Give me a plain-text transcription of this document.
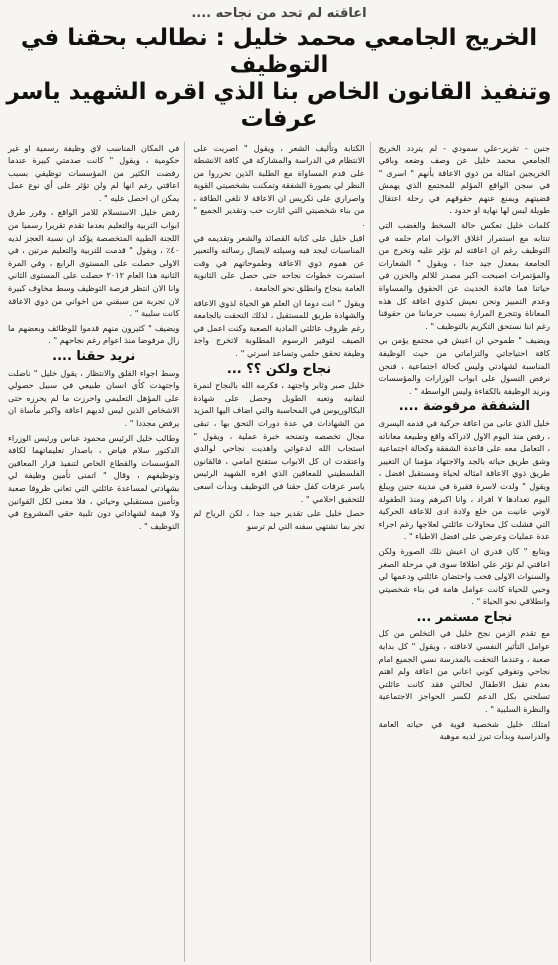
اعاقته لم تحد من نجاحه ....
الخريج الجامعي محمد خليل : نطالب بحقنا في التوظيف
وتنفيذ القانون الخاص بنا الذي اقره الشهيد ياسر عرفات

جنين - تقرير-علي سمودي - لم يتردد الخريج الجامعي محمد خليل عن وصف وضعه وباقي الخريجين امثاله من ذوي الاعاقة بأنهم " اسرى " في سجن الواقع المؤلم للمجتمع الذي يهمش قضيتهم ويمنع عنهم حقوقهم في رحلة اعتقال طويلة ليس لها نهاية او حدود .

كلمات خليل تعكس حالة السخط والغضب التي تنتابه مع استمرار اغلاق الابواب امام حلمه في التوظيف رغم ان اعاقته لم تؤثر عليه وتخرج من الجامعة بمعدل جيد جدا ، ويقول " الشعارات والمؤتمرات اصبحت اكبر مصدر للالم والحزن في حياتنا فما فائدة الحديث عن الحقوق والمساواة وعدم التمييز ونحن نعيش كذوي اعاقة كل هذه المعاناة وتتجرع المرارة بسبب حرماننا من حقوقنا رغم اننا نستحق التكريم بالتوظيف " .

ويضيف " طموحي ان اعيش في مجتمع يؤمن بي كافة احتياجاتي والتزاماتي من حيث الوظيفة المناسبة لشهادتي وليس كحالة اجتماعية ، فنحن نرفض التسول على ابواب الوزارات والمؤسسات ونريد الوظيفة بالكفاءة وليس الواسطة " .

الشفقة مرفوضة ....

خليل الذي عانى من اعاقة حركية في قدمه اليسرى ، رفض منذ اليوم الاول لادراكه واقع وطبيعة معاناته ، التعامل معه على قاعدة الشفقة وكحالة اجتماعية وشق طريق حياته بالجد والاجتهاد مؤمنا ان التغيير طريق ذوي الاعاقة امثاله لحياة ومستقبل افضل ، ويقول " ولدت لاسرة فقيرة في مدينة جنين ويبلغ اليوم تعدادها ٧ افراد ، وانا اكبرهم ومنذ الطفولة لاوني عانيت من خلع ولادة ادى للاعاقة الحركية التي فشلت كل محاولات عائلتي لعلاجها رغم اجراء عدة عمليات وعرضي على افضل الاطباء " .

ويتابع " كان قدري ان اعيش تلك الصورة ولكن اعاقتي لم تؤثر علي اطلاقا سوى في مرحلة الصغر والسنوات الاولى فحب واحتضان عائلتي ودعمها لي وحبي للحياة كانت عوامل هامة في بناء شخصيتي وانطلاقي نحو الحياة " .

نجاح مستمر ...

مع تقدم الزمن نجح خليل في التخلص من كل عوامل التأثير النفسي لاعاقته ، ويقول " كل بداية صعبة ، وعندما التحقت بالمدرسة نسي الجميع امام نجاحي وتفوقي كوني اعاني من اعاقة ولم اهتم بعدم تقبل الاطفال لحالتي فقد كانت عائلتي تسلحني بكل الدعم لكسر الحواجز الاجتماعية والنظرة السلبية " .

امتلك خليل شخصية قوية في حياته العامة والدراسية وبدأت تبرز لديه موهبة

الكتابة وتأليف الشعر ، ويقول " اصريت على الانتظام في الدراسة والمشاركة في كافة الانشطة على قدم المساواة مع الطلبة الذين تحرروا من النظر لي بصورة الشفقة وتمكنت بشخصيتي القوية واصراري على تكريس ان الاعاقة لا تلغي الطاقة ، من بناء شخصيتي التي اثارت حب وتقدير الجميع " .

اقبل خليل على كتابة القصائد والشعر وتقديمه في المناسبات ليجد فيه وسيلته لايصال رسالته والتعبير عن هموم ذوي الاعاقة وطموحاتهم في وقت استمرت خطوات نجاحه حتى حصل على الثانوية العامة بنجاح وانطلق نحو الجامعة .

ويقول " انت دوما ان العلم هو الحياة لذوي الاعاقة والشهادة طريق للمستقبل ، لذلك التحقت بالجامعة رغم ظروف عائلتي المادية الصعبة وكنت اعمل في الصيف لتوفير الرسوم المطلوبة لاتخرج واجد وظيفة تحقق حلمي وتساعد اسرتي " .

نجاح ولكن ؟؟ ...

خليل صبر وثابر واجتهد ، فكرمه الله بالنجاح لنمرة لتفانيه وتعبه الطويل وحصل على شهادة البكالوريوس في المحاسبة والتي اضاف اليها المزيد من الشهادات في عدة دورات التحق بها ، تبقى مجال تخصصه وتمنحه خبرة عملية ، ويقول " استجاب الله لدعواتي واهديت نجاحي لوالدي واعتقدت ان كل الابواب ستفتح امامي ، فالقانون الفلسطيني للمعاقين الذي اقره الشهيد الرئيس ياسر عرفات كفل حقنا في التوظيف وبدأت اسعى للتحقيق احلامي " .

حصل خليل على تقدير جيد جدا ، لكن الرياح لم تجر بما تشتهي سفنه التي لم ترسو

في المكان المناسب لاي وظيفة رسمية او غير حكومية ، ويقول " كانت صدمتي كبيرة عندما رفضت الكثير من المؤسسات توظيفي بسبب اعاقتي رغم انها لم ولن تؤثر على أي نوع عمل يمكن ان احصل عليه " .

رفض خليل الاستسلام للامر الواقع ، وقرر طرق ابواب التربية والتعليم بعدما تقدم تقريرا رسميا من اللجنة الطبية المتخصصة يؤكد ان نسبة العجز لديه ٤٠٪ ، ويقول " قدمت للتربية والتعليم مرتين ، في الاولى حصلت على المستوى الرابع ، وفي المرة الثانية هذا العام ٢٠١٢ حصلت على المستوى الثاني وانا الان انتظر فرصة التوظيف وسط مخاوف كبيرة لان تجربة من سبقني من اخواني من ذوي الاعاقة كانت سلبية " .

ويضيف " كثيرون منهم قدموا للوظائف وبعضهم ما زال مرفوضا منذ اعوام رغم نجاحهم " .

نريد حقنا ....

وسط اجواء القلق والانتظار ، يقول خليل " ناضلت واجتهدت كأي انسان طبيعي في سبيل حصولي على المؤهل التعليمي واحرزت ما لم يحرزه حتى الاشخاص الذين ليس لديهم اعاقة واكبر مأساة ان يرفض مجددا " .

وطالب خليل الرئيس محمود عباس ورئيس الوزراء الدكتور سلام فياض ، باصدار تعليماتهما لكافة المؤسسات والقطاع الخاص لتنفيذ قرار المعاقين وتوظيفهم ، وقال " اتمنى تأمين وظيفة لي بشهادتي لمساعدة عائلتي التي تعاني ظروفا صعبة وتأمين مستقبلي وحياتي ، فلا معنى لكل القوانين ولا قيمة لشهاداتي دون تلبية حقي المشروع في التوظيف " .
